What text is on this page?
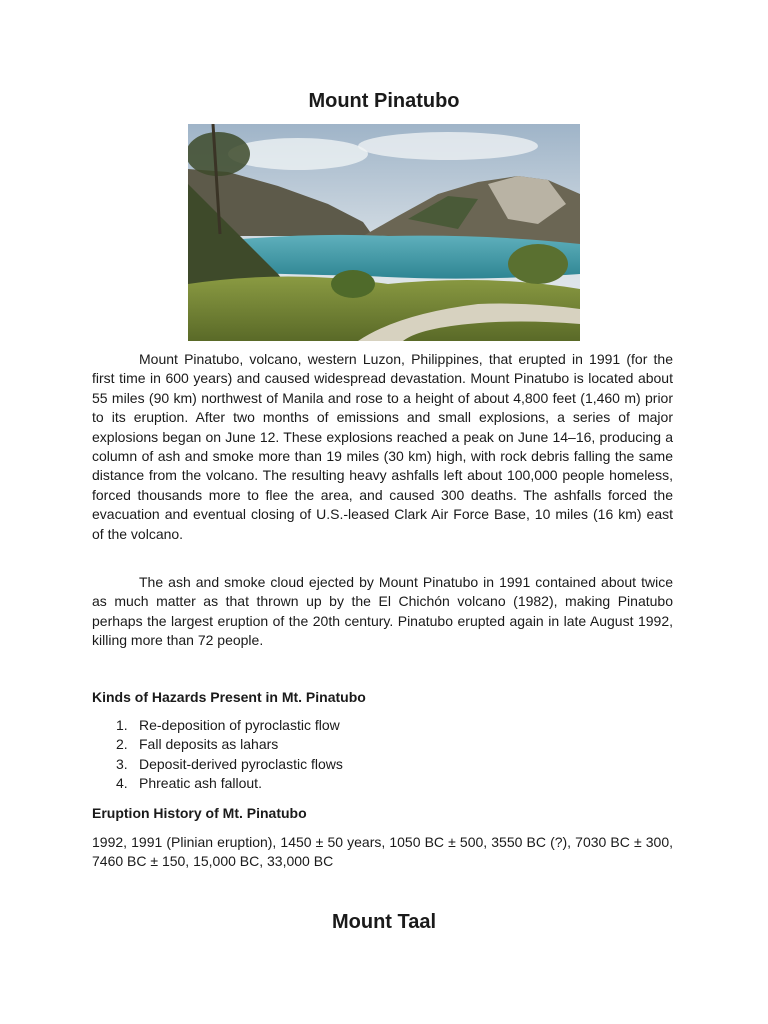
Mount Pinatubo

Mount Pinatubo, volcano, western Luzon, Philippines, that erupted in 1991 (for the first time in 600 years) and caused widespread devastation. Mount Pinatubo is located about 55 miles (90 km) northwest of Manila and rose to a height of about 4,800 feet (1,460 m) prior to its eruption. After two months of emissions and small explosions, a series of major explosions began on June 12. These explosions reached a peak on June 14–16, producing a column of ash and smoke more than 19 miles (30 km) high, with rock debris falling the same distance from the volcano. The resulting heavy ashfalls left about 100,000 people homeless, forced thousands more to flee the area, and caused 300 deaths. The ashfalls forced the evacuation and eventual closing of U.S.-leased Clark Air Force Base, 10 miles (16 km) east of the volcano.

The ash and smoke cloud ejected by Mount Pinatubo in 1991 contained about twice as much matter as that thrown up by the El Chichón volcano (1982), making Pinatubo perhaps the largest eruption of the 20th century. Pinatubo erupted again in late August 1992, killing more than 72 people.

Kinds of Hazards Present in Mt. Pinatubo
1. Re-deposition of pyroclastic flow
2. Fall deposits as lahars
3. Deposit-derived pyroclastic flows
4. Phreatic ash fallout.
Eruption History of Mt. Pinatubo

1992, 1991 (Plinian eruption), 1450 ± 50 years, 1050 BC ± 500, 3550 BC (?), 7030 BC ± 300, 7460 BC ± 150, 15,000 BC, 33,000 BC

Mount Taal
